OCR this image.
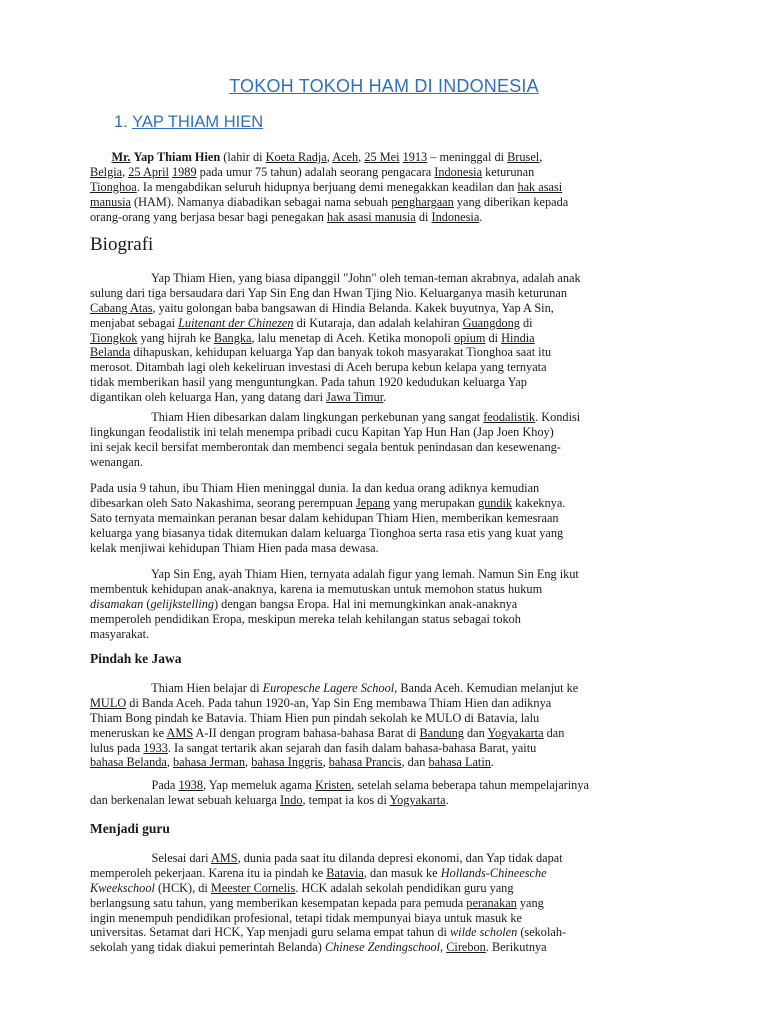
TOKOH TOKOH HAM DI INDONESIA
1. YAP THIAM HIEN
Mr. Yap Thiam Hien (lahir di Koeta Radja, Aceh, 25 Mei 1913 – meninggal di Brusel,
Belgia, 25 April 1989 pada umur 75 tahun) adalah seorang pengacara Indonesia keturunan
Tionghoa. Ia mengabdikan seluruh hidupnya berjuang demi menegakkan keadilan dan hak asasi
manusia (HAM). Namanya diabadikan sebagai nama sebuah penghargaan yang diberikan kepada
orang-orang yang berjasa besar bagi penegakan hak asasi manusia di Indonesia.
Biografi
Yap Thiam Hien, yang biasa dipanggil "John" oleh teman-teman akrabnya, adalah anak
sulung dari tiga bersaudara dari Yap Sin Eng dan Hwan Tjing Nio. Keluarganya masih keturunan
Cabang Atas, yaitu golongan baba bangsawan di Hindia Belanda. Kakek buyutnya, Yap A Sin,
menjabat sebagai Luitenant der Chinezen di Kutaraja, dan adalah kelahiran Guangdong di
Tiongkok yang hijrah ke Bangka, lalu menetap di Aceh. Ketika monopoli opium di Hindia
Belanda dihapuskan, kehidupan keluarga Yap dan banyak tokoh masyarakat Tionghoa saat itu
merosot. Ditambah lagi oleh kekeliruan investasi di Aceh berupa kebun kelapa yang ternyata
tidak memberikan hasil yang menguntungkan. Pada tahun 1920 kedudukan keluarga Yap
digantikan oleh keluarga Han, yang datang dari Jawa Timur.
Thiam Hien dibesarkan dalam lingkungan perkebunan yang sangat feodalistik. Kondisi
lingkungan feodalistik ini telah menempa pribadi cucu Kapitan Yap Hun Han (Jap Joen Khoy)
ini sejak kecil bersifat memberontak dan membenci segala bentuk penindasan dan kesewenang-
wenangan.
Pada usia 9 tahun, ibu Thiam Hien meninggal dunia. Ia dan kedua orang adiknya kemudian
dibesarkan oleh Sato Nakashima, seorang perempuan Jepang yang merupakan gundik kakeknya.
Sato ternyata memainkan peranan besar dalam kehidupan Thiam Hien, memberikan kemesraan
keluarga yang biasanya tidak ditemukan dalam keluarga Tionghoa serta rasa etis yang kuat yang
kelak menjiwai kehidupan Thiam Hien pada masa dewasa.
Yap Sin Eng, ayah Thiam Hien, ternyata adalah figur yang lemah. Namun Sin Eng ikut
membentuk kehidupan anak-anaknya, karena ia memutuskan untuk memohon status hukum
disamakan (gelijkstelling) dengan bangsa Eropa. Hal ini memungkinkan anak-anaknya
memperoleh pendidikan Eropa, meskipun mereka telah kehilangan status sebagai tokoh
masyarakat.
Pindah ke Jawa
Thiam Hien belajar di Europesche Lagere School, Banda Aceh. Kemudian melanjut ke
MULO di Banda Aceh. Pada tahun 1920-an, Yap Sin Eng membawa Thiam Hien dan adiknya
Thiam Bong pindah ke Batavia. Thiam Hien pun pindah sekolah ke MULO di Batavia, lalu
meneruskan ke AMS A-II dengan program bahasa-bahasa Barat di Bandung dan Yogyakarta dan
lulus pada 1933. Ia sangat tertarik akan sejarah dan fasih dalam bahasa-bahasa Barat, yaitu
bahasa Belanda, bahasa Jerman, bahasa Inggris, bahasa Prancis, dan bahasa Latin.
Pada 1938, Yap memeluk agama Kristen, setelah selama beberapa tahun mempelajarinya
dan berkenalan lewat sebuah keluarga Indo, tempat ia kos di Yogyakarta.
Menjadi guru
Selesai dari AMS, dunia pada saat itu dilanda depresi ekonomi, dan Yap tidak dapat
memperoleh pekerjaan. Karena itu ia pindah ke Batavia, dan masuk ke Hollands-Chineesche
Kweekschool (HCK), di Meester Cornelis. HCK adalah sekolah pendidikan guru yang
berlangsung satu tahun, yang memberikan kesempatan kepada para pemuda peranakan yang
ingin menempuh pendidikan profesional, tetapi tidak mempunyai biaya untuk masuk ke
universitas. Setamat dari HCK, Yap menjadi guru selama empat tahun di wilde scholen (sekolah-
sekolah yang tidak diakui pemerintah Belanda) Chinese Zendingschool, Cirebon. Berikutnya
